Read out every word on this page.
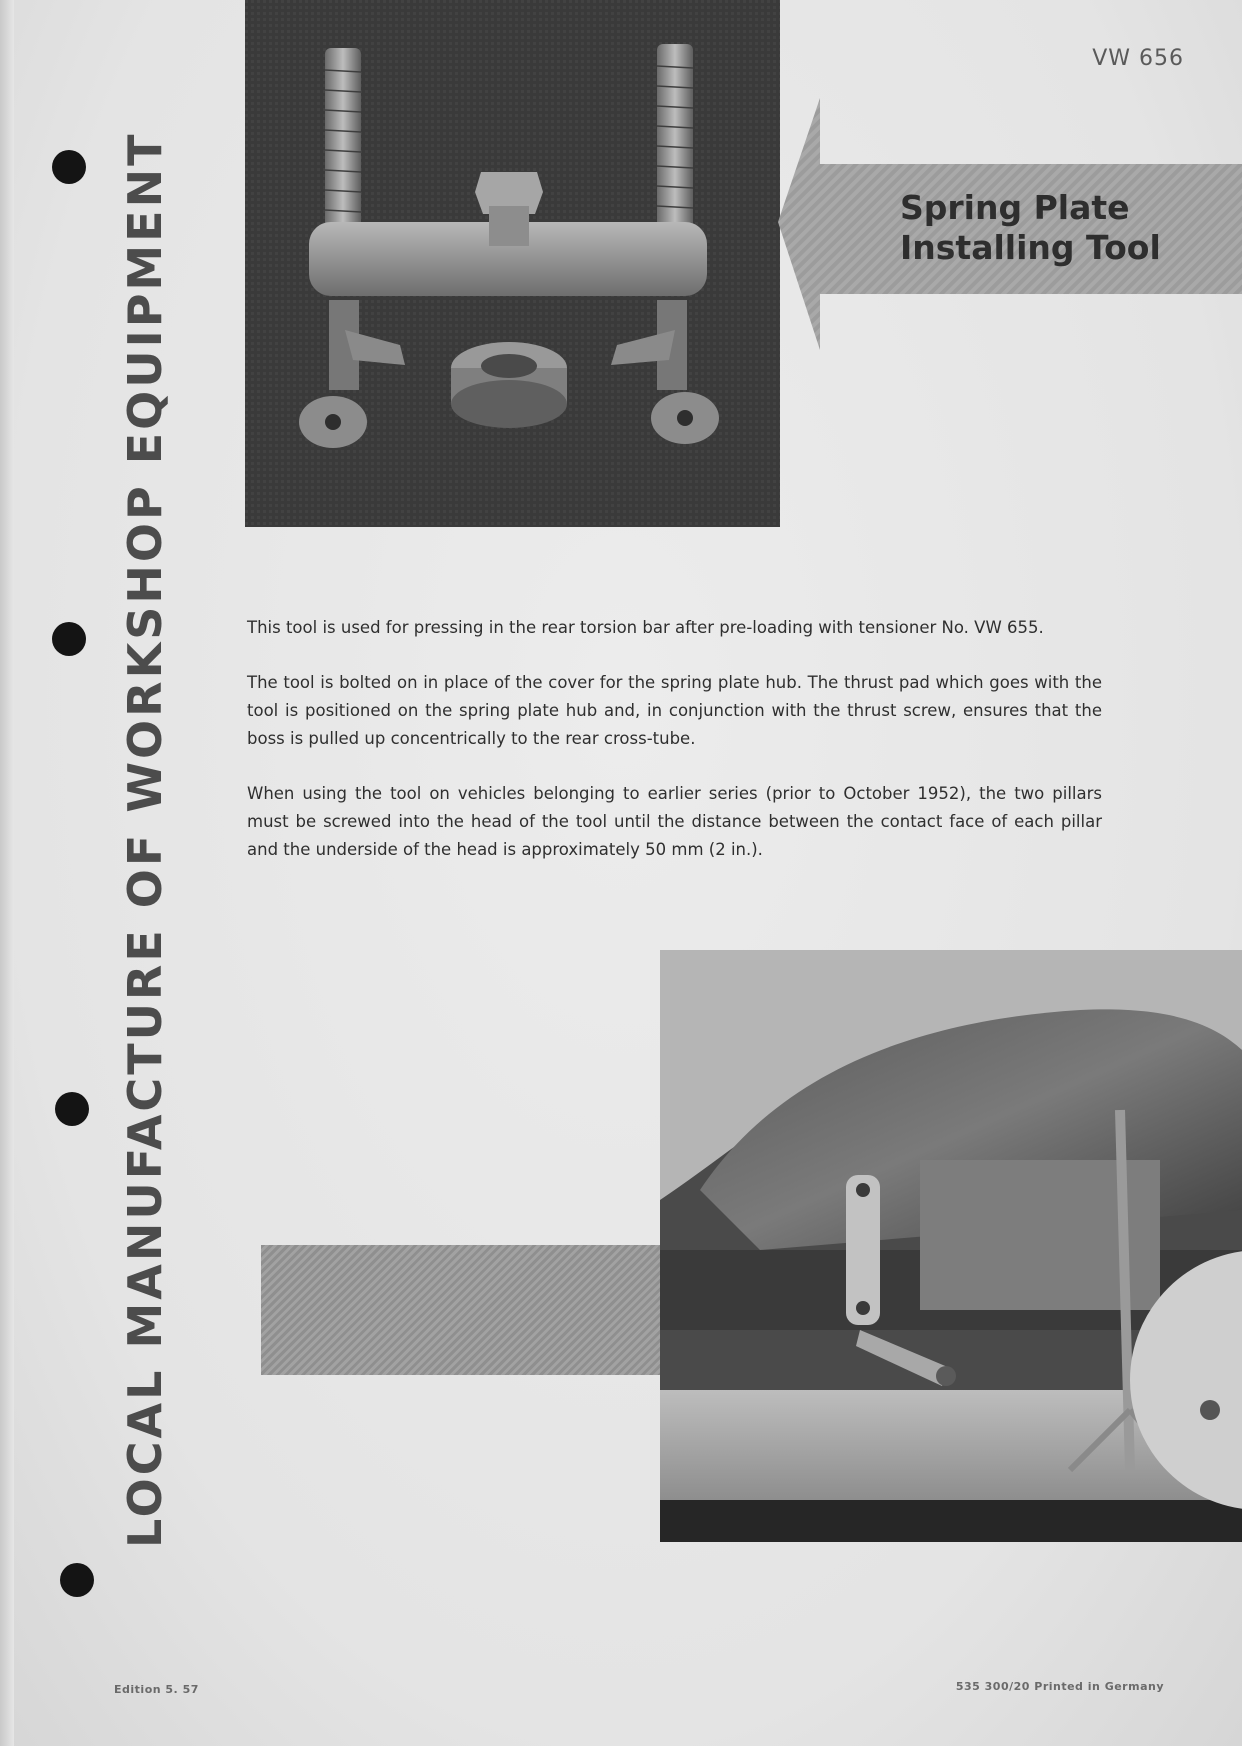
LOCAL MANUFACTURE OF WORKSHOP EQUIPMENT
VW 656
Spring Plate
Installing Tool

This tool is used for pressing in the rear torsion bar after pre-loading with tensioner No. VW 655.

The tool is bolted on in place of the cover for the spring plate hub. The thrust pad which goes with the tool is positioned on the spring plate hub and, in conjunction with the thrust screw, ensures that the boss is pulled up concentrically to the rear cross-tube.

When using the tool on vehicles belonging to earlier series (prior to October 1952), the two pillars must be screwed into the head of the tool until the distance between the contact face of each pillar and the underside of the head is approximately 50 mm (2 in.).

Edition 5. 57	535 300/20 Printed in Germany
